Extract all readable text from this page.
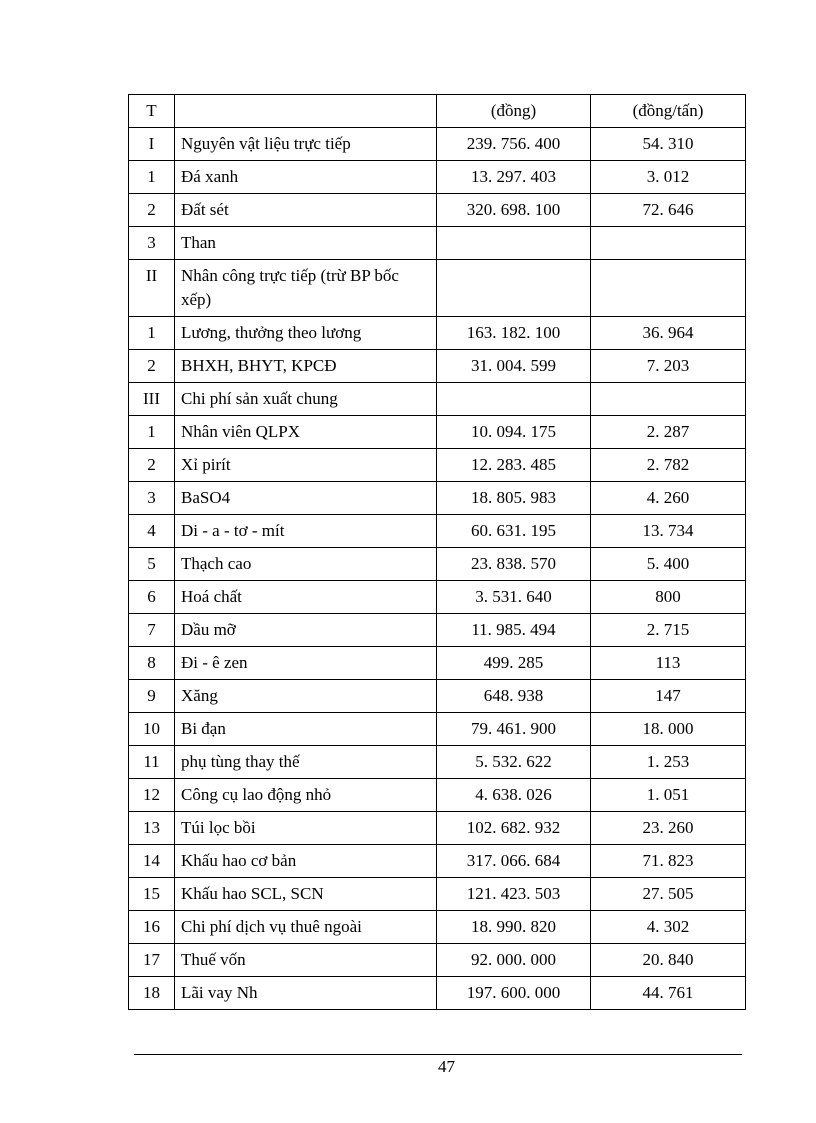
T		(đồng)	(đồng/tấn)
I	Nguyên vật liệu trực tiếp	239. 756. 400	54. 310
1	Đá xanh	13. 297. 403	3. 012
2	Đất sét	320. 698. 100	72. 646
3	Than		
II	Nhân công trực tiếp (trừ BP bốc xếp)		
1	Lương, thưởng theo lương	163. 182. 100	36. 964
2	BHXH, BHYT, KPCĐ	31. 004. 599	7. 203
III	Chi phí sản xuất chung		
1	Nhân viên QLPX	10. 094. 175	2. 287
2	Xỉ pirít	12. 283. 485	2. 782
3	BaSO4	18. 805. 983	4. 260
4	Di - a - tơ - mít	60. 631. 195	13. 734
5	Thạch cao	23. 838. 570	5. 400
6	Hoá chất	3. 531. 640	800
7	Dầu mỡ	11. 985. 494	2. 715
8	Đi - ê zen	499. 285	113
9	Xăng	648. 938	147
10	Bi đạn	79. 461. 900	18. 000
11	phụ tùng thay thế	5. 532. 622	1. 253
12	Công cụ lao động nhỏ	4. 638. 026	1. 051
13	Túi lọc bồi	102. 682. 932	23. 260
14	Khấu hao cơ bản	317. 066. 684	71. 823
15	Khấu hao SCL, SCN	121. 423. 503	27. 505
16	Chi phí dịch vụ thuê ngoài	18. 990. 820	4. 302
17	Thuế vốn	92. 000. 000	20. 840
18	Lãi vay Nh	197. 600. 000	44. 761
47
